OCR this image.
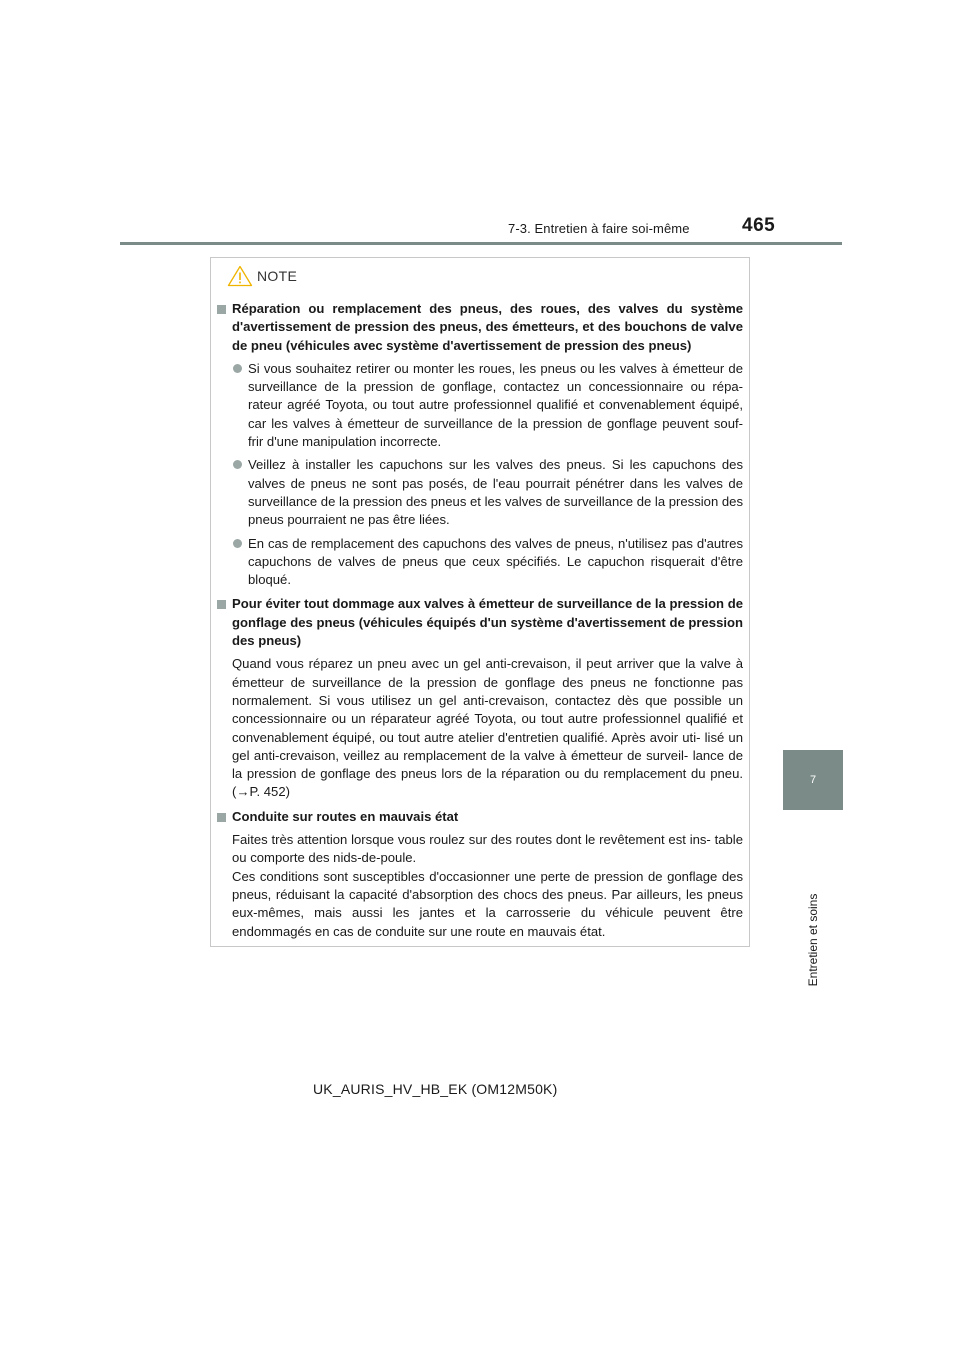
7-3. Entretien à faire soi-même	465
7
Entretien et soins
NOTE
Réparation ou remplacement des pneus, des roues, des valves du système d'avertissement de pression des pneus, des émetteurs, et des bouchons de valve de pneu (véhicules avec système d'avertissement de pression des pneus)
Si vous souhaitez retirer ou monter les roues, les pneus ou les valves à émetteur de surveillance de la pression de gonflage, contactez un concessionnaire ou répa- rateur agréé Toyota, ou tout autre professionnel qualifié et convenablement équipé, car les valves à émetteur de surveillance de la pression de gonflage peuvent souf- frir d'une manipulation incorrecte.
Veillez à installer les capuchons sur les valves des pneus. Si les capuchons des valves de pneus ne sont pas posés, de l'eau pourrait pénétrer dans les valves de surveillance de la pression des pneus et les valves de surveillance de la pression des pneus pourraient ne pas être liées.
En cas de remplacement des capuchons des valves de pneus, n'utilisez pas d'autres capuchons de valves de pneus que ceux spécifiés. Le capuchon risquerait d'être bloqué.
Pour éviter tout dommage aux valves à émetteur de surveillance de la pression de gonflage des pneus (véhicules équipés d'un système d'avertissement de pression des pneus)
Quand vous réparez un pneu avec un gel anti-crevaison, il peut arriver que la valve à émetteur de surveillance de la pression de gonflage des pneus ne fonctionne pas normalement. Si vous utilisez un gel anti-crevaison, contactez dès que possible un concessionnaire ou un réparateur agréé Toyota, ou tout autre professionnel qualifié et convenablement équipé, ou tout autre atelier d'entretien qualifié. Après avoir uti- lisé un gel anti-crevaison, veillez au remplacement de la valve à émetteur de surveil- lance de la pression de gonflage des pneus lors de la réparation ou du remplacement du pneu. (→P. 452)
Conduite sur routes en mauvais état
Faites très attention lorsque vous roulez sur des routes dont le revêtement est ins- table ou comporte des nids-de-poule.
Ces conditions sont susceptibles d'occasionner une perte de pression de gonflage des pneus, réduisant la capacité d'absorption des chocs des pneus. Par ailleurs, les pneus eux-mêmes, mais aussi les jantes et la carrosserie du véhicule peuvent être endommagés en cas de conduite sur une route en mauvais état.
UK_AURIS_HV_HB_EK (OM12M50K)
